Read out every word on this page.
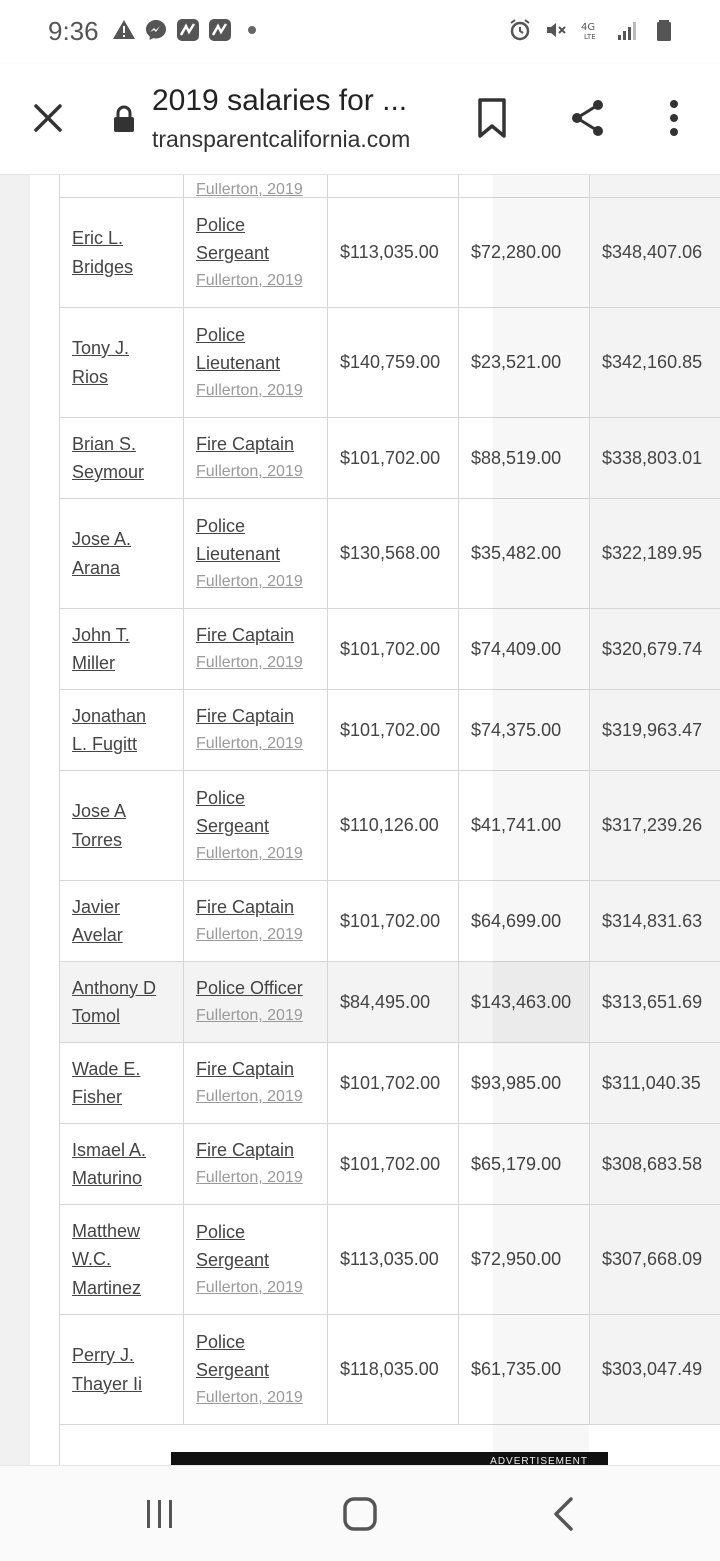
9:36	4G
LTE
2019 salaries for ...
transparentcalifornia.com

	Fullerton, 2019			

Eric L.
Bridges	Police
Sergeant
Fullerton, 2019	$113,035.00	$72,280.00	$348,407.06
Tony J.
Rios	Police
Lieutenant
Fullerton, 2019	$140,759.00	$23,521.00	$342,160.85
Brian S.
Seymour	Fire Captain
Fullerton, 2019	$101,702.00	$88,519.00	$338,803.01
Jose A.
Arana	Police
Lieutenant
Fullerton, 2019	$130,568.00	$35,482.00	$322,189.95
John T.
Miller	Fire Captain
Fullerton, 2019	$101,702.00	$74,409.00	$320,679.74
Jonathan
L. Fugitt	Fire Captain
Fullerton, 2019	$101,702.00	$74,375.00	$319,963.47
Jose A
Torres	Police
Sergeant
Fullerton, 2019	$110,126.00	$41,741.00	$317,239.26
Javier
Avelar	Fire Captain
Fullerton, 2019	$101,702.00	$64,699.00	$314,831.63
Anthony D
Tomol	Police Officer
Fullerton, 2019	$84,495.00	$143,463.00	$313,651.69
Wade E.
Fisher	Fire Captain
Fullerton, 2019	$101,702.00	$93,985.00	$311,040.35
Ismael A.
Maturino	Fire Captain
Fullerton, 2019	$101,702.00	$65,179.00	$308,683.58
Matthew
W.C.
Martinez	Police
Sergeant
Fullerton, 2019	$113,035.00	$72,950.00	$307,668.09
Perry J.
Thayer Ii	Police
Sergeant
Fullerton, 2019	$118,035.00	$61,735.00	$303,047.49

ADVERTISEMENT
